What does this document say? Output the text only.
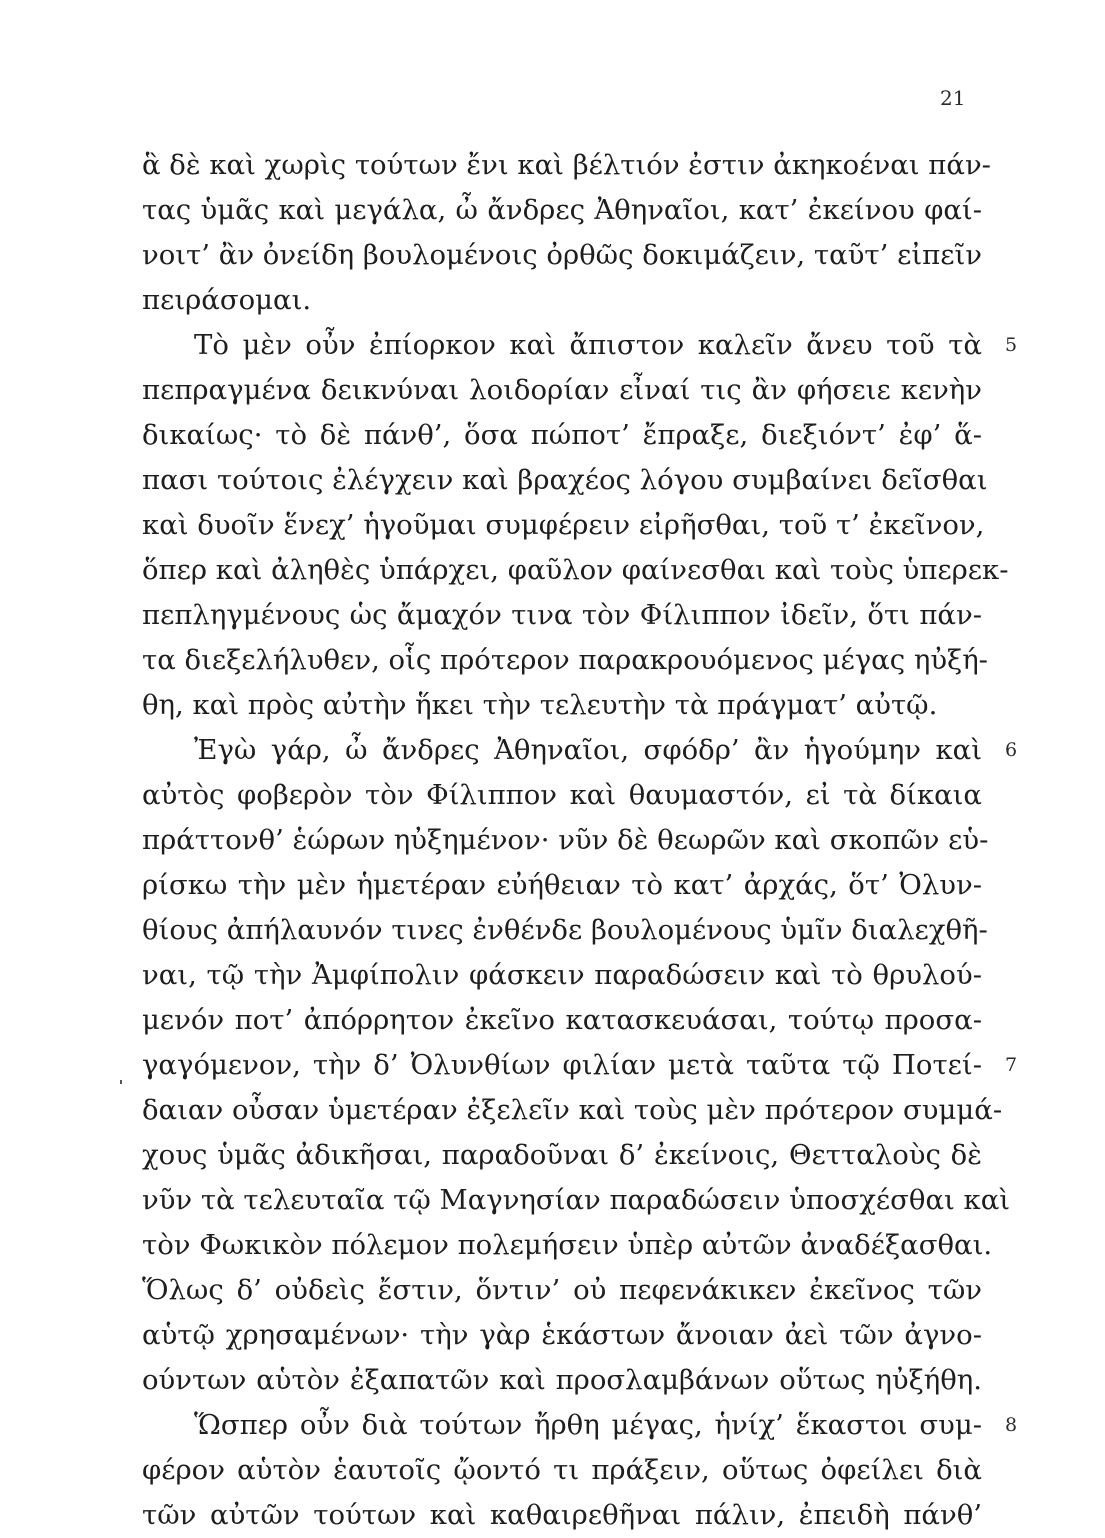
21
ἃ δὲ καὶ χωρὶς τούτων ἔνι καὶ βέλτιόν ἐστιν ἀκηκοέναι πάν-
τας ὑμᾶς καὶ μεγάλα, ὦ ἄνδρες Ἀθηναῖοι, κατ’ ἐκείνου φαί-
νοιτ’ ἂν ὀνείδη βουλομένοις ὀρθῶς δοκιμάζειν, ταῦτ’ εἰπεῖν
πειράσομαι.
Τὸ μὲν οὖν ἐπίορκον καὶ ἄπιστον καλεῖν ἄνευ τοῦ τὰ 5
πεπραγμένα δεικνύναι λοιδορίαν εἶναί τις ἂν φήσειε κενὴν
δικαίως· τὸ δὲ πάνθ’, ὅσα πώποτ’ ἔπραξε, διεξιόντ’ ἐφ’ ἅ-
πασι τούτοις ἐλέγχειν καὶ βραχέος λόγου συμβαίνει δεῖσθαι
καὶ δυοῖν ἕνεχ’ ἡγοῦμαι συμφέρειν εἰρῆσθαι, τοῦ τ’ ἐκεῖνον,
ὅπερ καὶ ἀληθὲς ὑπάρχει, φαῦλον φαίνεσθαι καὶ τοὺς ὑπερεκ-
πεπληγμένους ὡς ἄμαχόν τινα τὸν Φίλιππον ἰδεῖν, ὅτι πάν-
τα διεξελήλυθεν, οἷς πρότερον παρακρουόμενος μέγας ηὐξή-
θη, καὶ πρὸς αὐτὴν ἥκει τὴν τελευτὴν τὰ πράγματ’ αὐτῷ.
Ἐγὼ γάρ, ὦ ἄνδρες Ἀθηναῖοι, σφόδρ’ ἂν ἡγούμην καὶ 6
αὐτὸς φοβερὸν τὸν Φίλιππον καὶ θαυμαστόν, εἰ τὰ δίκαια
πράττονθ’ ἑώρων ηὐξημένον· νῦν δὲ θεωρῶν καὶ σκοπῶν εὑ-
ρίσκω τὴν μὲν ἡμετέραν εὐήθειαν τὸ κατ’ ἀρχάς, ὅτ’ Ὀλυν-
θίους ἀπήλαυνόν τινες ἐνθένδε βουλομένους ὑμῖν διαλεχθῆ-
ναι, τῷ τὴν Ἀμφίπολιν φάσκειν παραδώσειν καὶ τὸ θρυλού-
μενόν ποτ’ ἀπόρρητον ἐκεῖνο κατασκευάσαι, τούτῳ προσα-
γαγόμενον, τὴν δ’ Ὀλυνθίων φιλίαν μετὰ ταῦτα τῷ Ποτεί- 7
δαιαν οὖσαν ὑμετέραν ἐξελεῖν καὶ τοὺς μὲν πρότερον συμμά-
χους ὑμᾶς ἀδικῆσαι, παραδοῦναι δ’ ἐκείνοις, Θετταλοὺς δὲ
νῦν τὰ τελευταῖα τῷ Μαγνησίαν παραδώσειν ὑποσχέσθαι καὶ
τὸν Φωκικὸν πόλεμον πολεμήσειν ὑπὲρ αὐτῶν ἀναδέξασθαι.
Ὅλως δ’ οὐδεὶς ἔστιν, ὅντιν’ οὐ πεφενάκικεν ἐκεῖνος τῶν
αὑτῷ χρησαμένων· τὴν γὰρ ἑκάστων ἄνοιαν ἀεὶ τῶν ἀγνο-
ούντων αὑτὸν ἐξαπατῶν καὶ προσλαμβάνων οὕτως ηὐξήθη.
Ὥσπερ οὖν διὰ τούτων ἤρθη μέγας, ἡνίχ’ ἕκαστοι συμ- 8
φέρον αὑτὸν ἑαυτοῖς ᾤοντό τι πράξειν, οὕτως ὀφείλει διὰ
τῶν αὐτῶν τούτων καὶ καθαιρεθῆναι πάλιν, ἐπειδὴ πάνθ’
